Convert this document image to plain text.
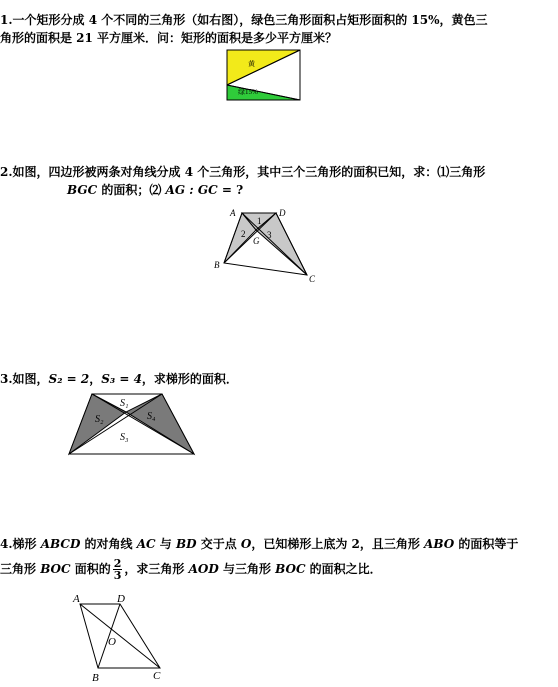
1.一个矩形分成 4 个不同的三角形（如右图），绿色三角形面积占矩形面积的 15%，黄色三
角形的面积是 21 平方厘米．问：矩形的面积是多少平方厘米？
黄
绿15%
2.如图，四边形被两条对角线分成 4 个三角形，其中三个三角形的面积已知，求：⑴三角形
BGC 的面积；⑵ AG : GC = ?
A	D
B
C
G
1
2 3
3.如图，S₂ = 2，S₃ = 4，求梯形的面积．
S₁
S₂	S₄
S₃
4.梯形 ABCD 的对角线 AC 与 BD 交于点 O，已知梯形上底为 2，且三角形 ABO 的面积等于
三角形 BOC 面积的 $\frac{2}{3}$ ，求三角形 AOD 与三角形 BOC 的面积之比．
A	D
O
B	C
